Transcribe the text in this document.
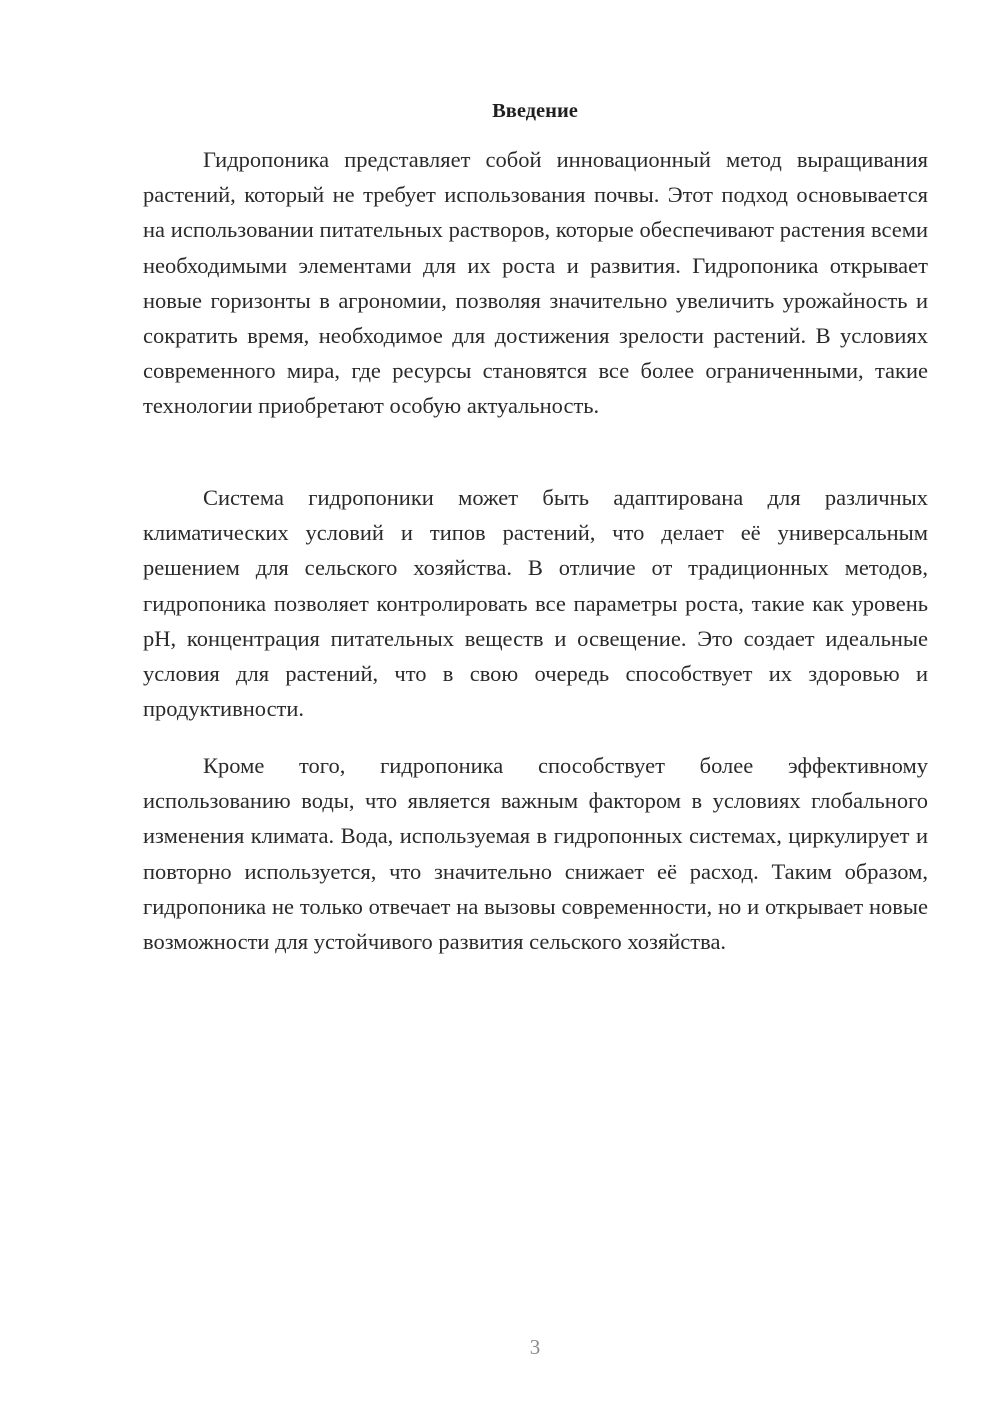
Введение

Гидропоника представляет собой инновационный метод выращивания растений, который не требует использования почвы. Этот подход основывается на использовании питательных растворов, которые обеспечивают растения всеми необходимыми элементами для их роста и развития. Гидропоника открывает новые горизонты в агрономии, позволяя значительно увеличить урожайность и сократить время, необходимое для достижения зрелости растений. В условиях современного мира, где ресурсы становятся все более ограниченными, такие технологии приобретают особую актуальность.

Система гидропоники может быть адаптирована для различных климатических условий и типов растений, что делает её универсальным решением для сельского хозяйства. В отличие от традиционных методов, гидропоника позволяет контролировать все параметры роста, такие как уровень pH, концентрация питательных веществ и освещение. Это создает идеальные условия для растений, что в свою очередь способствует их здоровью и продуктивности.

Кроме того, гидропоника способствует более эффективному использованию воды, что является важным фактором в условиях глобального изменения климата. Вода, используемая в гидропонных системах, циркулирует и повторно используется, что значительно снижает её расход. Таким образом, гидропоника не только отвечает на вызовы современности, но и открывает новые возможности для устойчивого развития сельского хозяйства.

3
